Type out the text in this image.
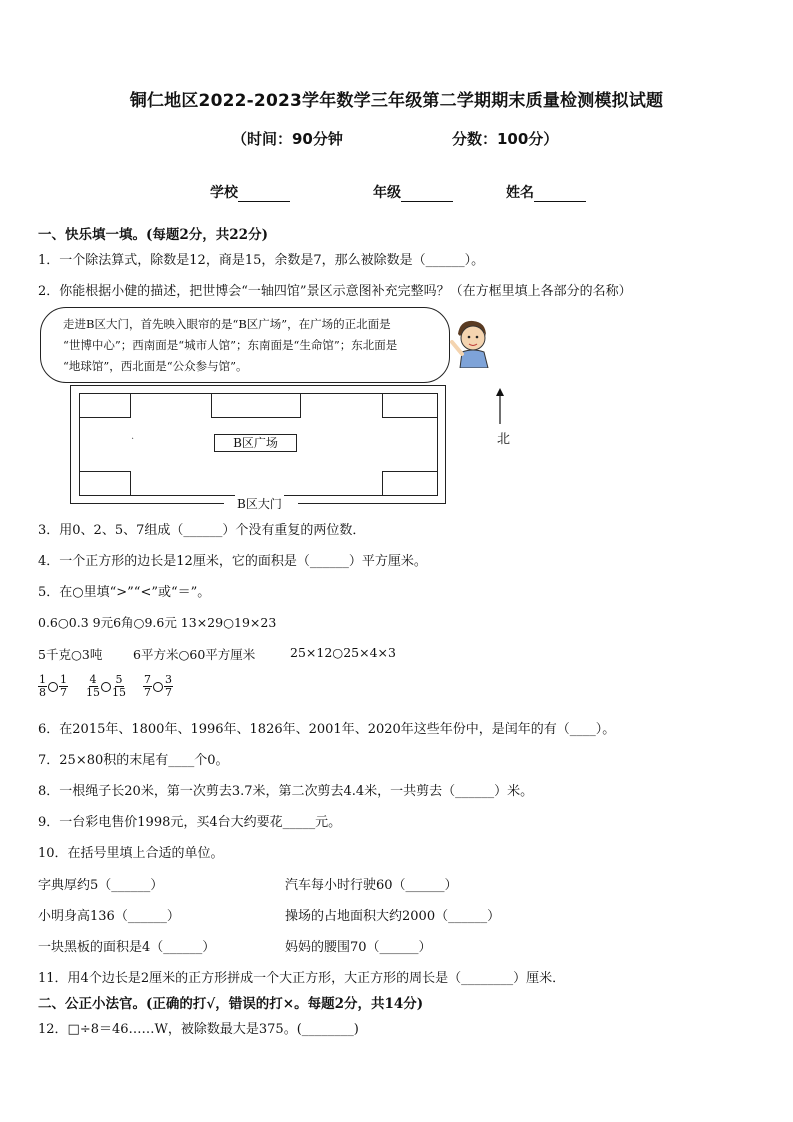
铜仁地区2022-2023学年数学三年级第二学期期末质量检测模拟试题
（时间：90分钟	分数：100分）
学校	年级	姓名
一、快乐填一填。(每题2分，共22分)
1．一个除法算式，除数是12，商是15，余数是7，那么被除数是（______）。
2．你能根据小健的描述，把世博会“一轴四馆”景区示意图补充完整吗？（在方框里填上各部分的名称）
走进B区大门，首先映入眼帘的是“B区广场”，在广场的正北面是
“世博中心”；西南面是“城市人馆”；东南面是“生命馆”；东北面是
“地球馆”，西北面是“公众参与馆”。
B区广场
·
B区大门
北
3．用0、2、5、7组成（______）个没有重复的两位数．
4．一个正方形的边长是12厘米，它的面积是（______）平方厘米。
5．在○里填“>”“<”或“＝”。
0.6○0.3 9元6角○9.6元 13×29○19×23
5千克○3吨 6平方米○60平方厘米	25×12○25×4×3
$\frac{1}{8} \frac{1}{7} \frac{4}{15} \frac{5}{15} \frac{7}{7} \frac{3}{7}$
6．在2015年、1800年、1996年、1826年、2001年、2020年这些年份中，是闰年的有（____）。
7．25×80积的末尾有____个0。
8．一根绳子长20米，第一次剪去3.7米，第二次剪去4.4米，一共剪去（______）米。
9．一台彩电售价1998元，买4台大约要花_____元。
10．在括号里填上合适的单位。
字典厚约5（______）	汽车每小时行驶60（______）
小明身高136（______）	操场的占地面积大约2000（______）
一块黑板的面积是4（______）	妈妈的腰围70（______）
11．用4个边长是2厘米的正方形拼成一个大正方形，大正方形的周长是（________）厘米．
二、公正小法官。(正确的打√，错误的打×。每题2分，共14分)
12．□÷8＝46……W，被除数最大是375。(________)
